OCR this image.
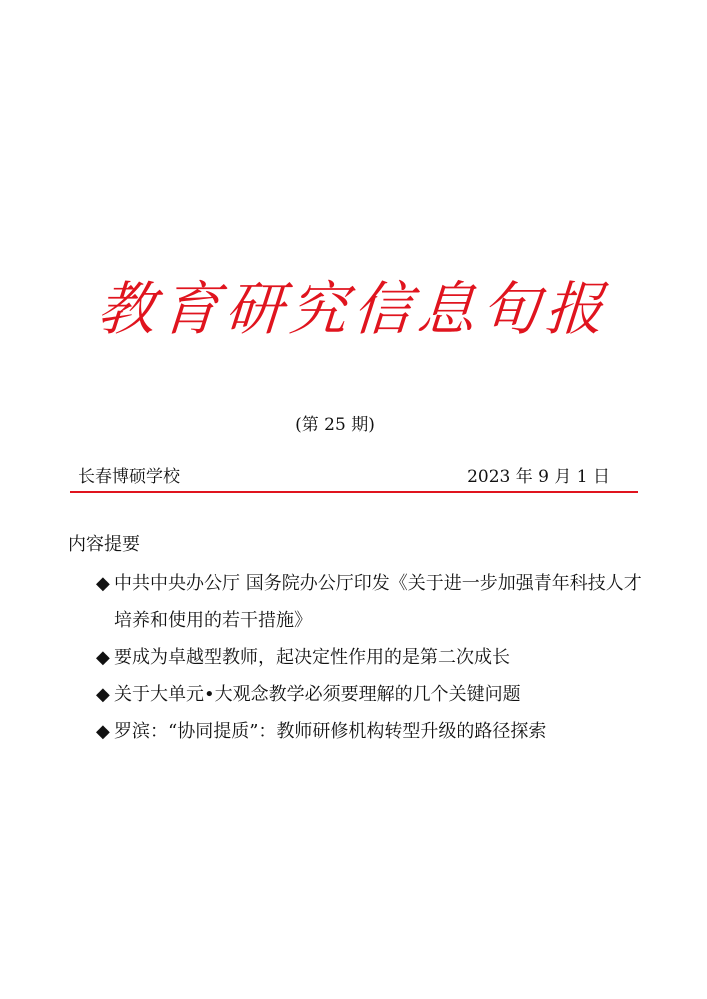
教育研究信息旬报
(第 25 期)
长春博硕学校	2023 年 9 月 1 日
内容提要
◆ 中共中央办公厅 国务院办公厅印发《关于进一步加强青年科技人才培养和使用的若干措施》
◆ 要成为卓越型教师，起决定性作用的是第二次成长
◆ 关于大单元•大观念教学必须要理解的几个关键问题
◆ 罗滨：“协同提质”：教师研修机构转型升级的路径探索
